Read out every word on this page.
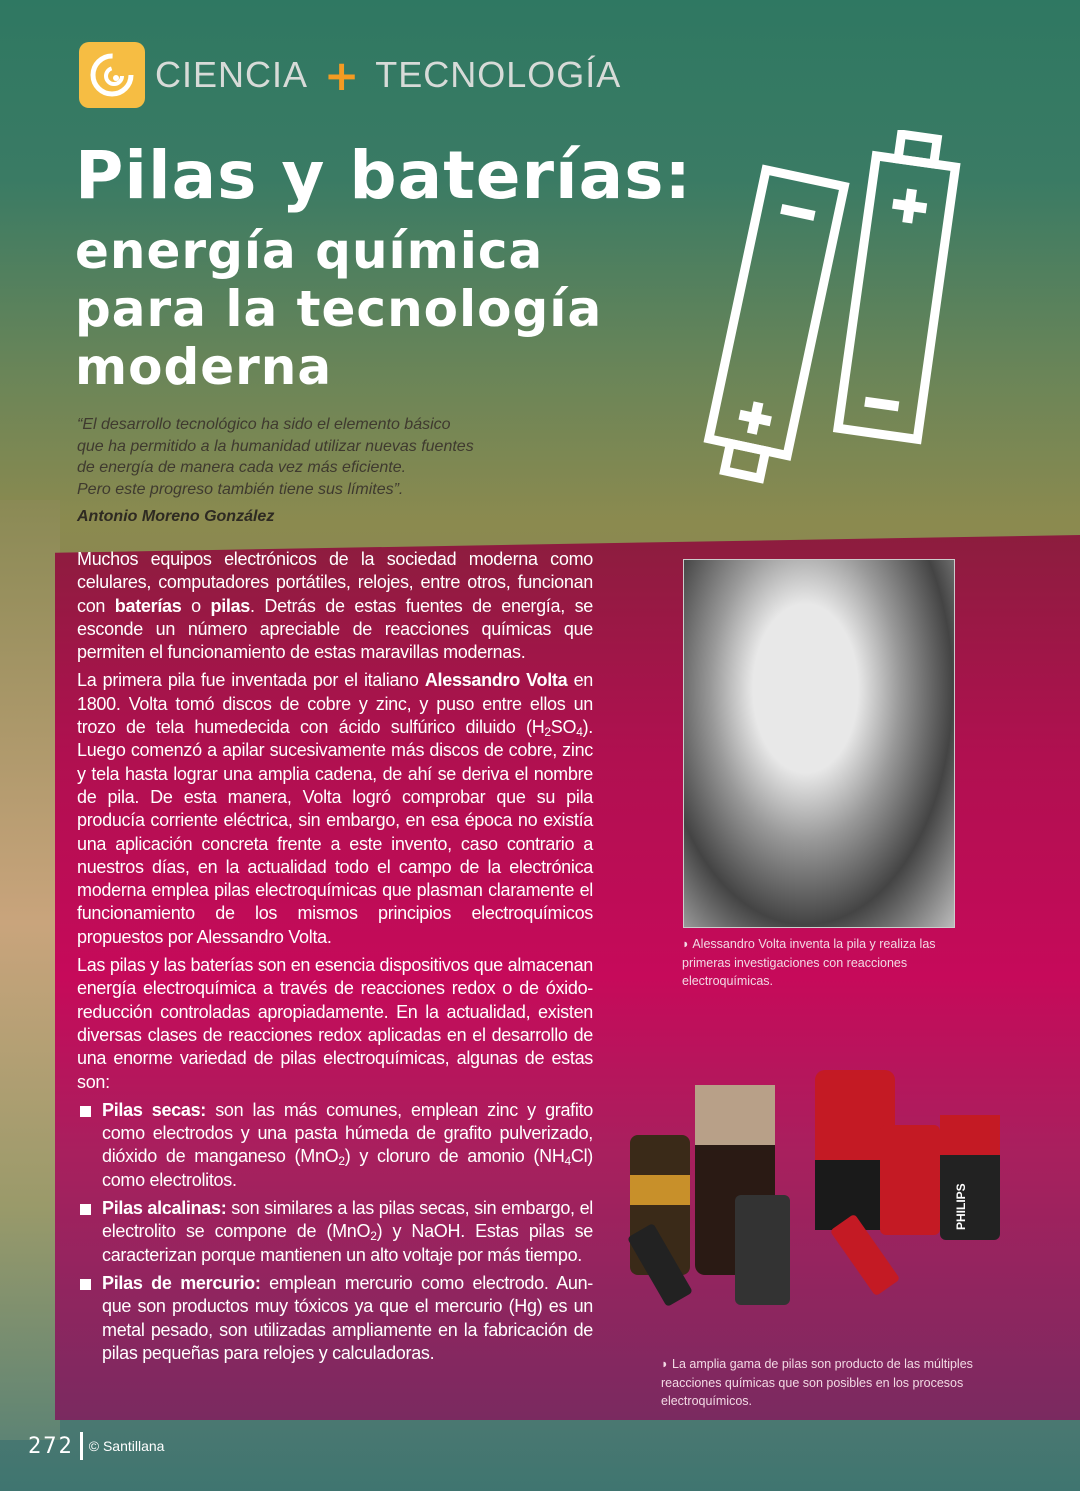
CIENCIA + TECNOLOGÍA
Pilas y baterías:
energía química
para la tecnología
moderna
“El desarrollo tecnológico ha sido el elemento básico
que ha permitido a la humanidad utilizar nuevas fuentes
de energía de manera cada vez más eficiente.
Pero este progreso también tiene sus límites”.
Antonio Moreno González

Muchos equipos electrónicos de la sociedad moderna como celulares, computadores portátiles, relojes, entre otros, funcionan con baterías o pilas. Detrás de estas fuentes de energía, se esconde un número apreciable de reacciones químicas que permiten el funcionamiento de estas maravillas modernas.

La primera pila fue inventada por el italiano Alessandro Volta en 1800. Volta tomó discos de cobre y zinc, y puso entre ellos un trozo de tela humedecida con ácido sulfúrico diluido $(H_2SO_4)$. Luego comenzó a apilar sucesivamente más discos de cobre, zinc y tela hasta lograr una amplia cadena, de ahí se deriva el nombre de pila. De esta manera, Volta logró comprobar que su pila producía corriente eléctrica, sin embargo, en esa época no existía una aplicación concreta frente a este invento, caso contrario a nuestros días, en la actualidad todo el campo de la electrónica moderna emplea pilas electroquímicas que plasman claramente el funcionamiento de los mismos principios electroquímicos propuestos por Alessandro Volta.

Las pilas y las baterías son en esencia dispositivos que almacenan energía electroquímica a través de reacciones redox o de óxido-reducción controladas apropiadamente. En la actualidad, existen diversas clases de reacciones redox aplicadas en el desarrollo de una enorme variedad de pilas electroquímicas, algunas de estas son:

Pilas secas: son las más comunes, emplean zinc y grafito como electrodos y una pasta húmeda de grafito pulverizado, dióxido de manganeso (MnO$_2$) y cloruro de amonio $(NH_4Cl)$ como electrolitos.
Pilas alcalinas: son similares a las pilas secas, sin embargo, el electrolito se compone de (MnO$_2$) y NaOH. Estas pilas se caracterizan porque mantienen un alto voltaje por más tiempo.
Pilas de mercurio: emplean mercurio como electrodo. Aun-que son productos muy tóxicos ya que el mercurio (Hg) es un metal pesado, son utilizadas ampliamente en la fabricación de pilas pequeñas para relojes y calculadoras.
◗ Alessandro Volta inventa la pila y realiza las primeras investigaciones con reacciones electroquímicas.
PHILIPS
◗ La amplia gama de pilas son producto de las múltiples reacciones químicas que son posibles en los procesos electroquímicos.
272 © Santillana
